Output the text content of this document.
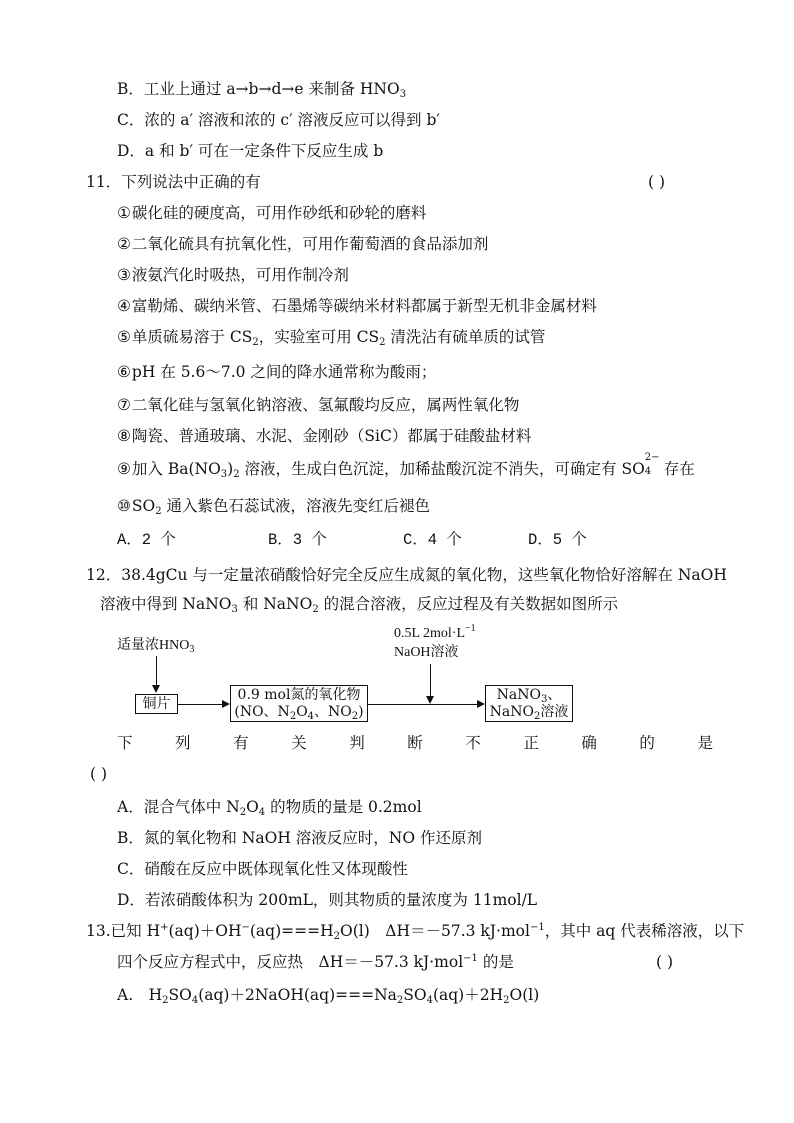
B．工业上通过 a→b→d→e 来制备 $HNO_3$
C．浓的 a′ 溶液和浓的 c′ 溶液反应可以得到 b′
D．a 和 b′ 可在一定条件下反应生成 b
11．下列说法中正确的有	( )
①碳化硅的硬度高，可用作砂纸和砂轮的磨料
②二氧化硫具有抗氧化性，可用作葡萄酒的食品添加剂
③液氨汽化时吸热，可用作制冷剂
④富勒烯、碳纳米管、石墨烯等碳纳米材料都属于新型无机非金属材料
⑤单质硫易溶于 $CS_2$，实验室可用 $CS_2$ 清洗沾有硫单质的试管
⑥pH 在 5.6～7.0 之间的降水通常称为酸雨；
⑦二氧化硅与氢氧化钠溶液、氢氟酸均反应，属两性氧化物
⑧陶瓷、普通玻璃、水泥、金刚砂（SiC）都属于硅酸盐材料
⑨加入 $Ba(NO_3)_2$ 溶液，生成白色沉淀，加稀盐酸沉淀不消失，可确定有 SO
2−
4 存在
$⑩SO_2$ 通入紫色石蕊试液，溶液先变红后褪色
A．2 个	B．3 个	C．4 个	D．5 个
12．38.4gCu 与一定量浓硝酸恰好完全反应生成氮的氧化物，这些氧化物恰好溶解在 NaOH
溶液中得到 NaNO$_3$ 和 NaNO$_2$ 的混合溶液，反应过程及有关数据如图所示
适量浓$HNO_3$
铜片
0.9 mol氮的氧化物
(NO、$N_2O_4$、$NO_2$)
0.5L $2mol\cdot L^{-1}$
NaOH溶液
NaNO$_3$、
NaNO$_2$溶液
下	列	有	关	判	断	不	正	确	的	是
( )
A．混合气体中 $N_2O_4$ 的物质的量是 0.2mol
B．氮的氧化物和 NaOH 溶液反应时，NO 作还原剂
C．硝酸在反应中既体现氧化性又体现酸性
D．若浓硝酸体积为 200mL，则其物质的量浓度为 11mol/L
13.已知 $H^+(aq)+OH^-(aq)===H_2O(l)$　ΔH＝－57.3 kJ·mol$^{-1}$，其中 aq 代表稀溶液，以下
四个反应方程式中，反应热　ΔH＝－57.3 kJ·mol$^{-1}$ 的是	( )
A.　$H_2SO_4(aq)+2NaOH(aq)===Na_2SO_4(aq)+2H_2O(l)$
